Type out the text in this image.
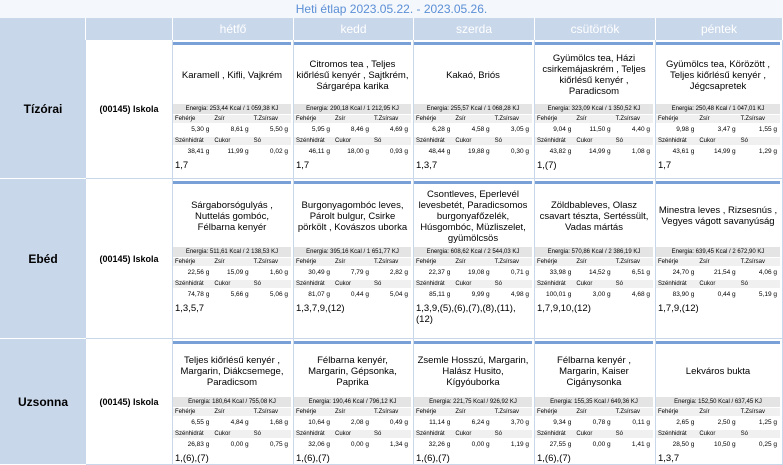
Heti étlap 2023.05.22. - 2023.05.26.
hétfő	kedd	szerda	csütörtök	péntek
Tízórai	(00145) Iskola
Karamell , Kifli, Vajkrém
Energia: 253,44 Kcal / 1 059,38 KJ
Fehérje	Zsír	T.Zsírsav
5,30 g	8,61 g	5,50 g
Szénhidrát	Cukor	Só
38,41 g	11,99 g	0,02 g
1,7
Citromos tea , Teljes kiőrlésű kenyér , Sajtkrém, Sárgarépa karika
Energia: 290,18 Kcal / 1 212,95 KJ
Fehérje	Zsír	T.Zsírsav
5,95 g	8,46 g	4,69 g
Szénhidrát	Cukor	Só
46,11 g	18,00 g	0,93 g
1,7
Kakaó, Briós
Energia: 255,57 Kcal / 1 068,28 KJ
Fehérje	Zsír	T.Zsírsav
6,28 g	4,58 g	3,05 g
Szénhidrát	Cukor	Só
48,44 g	19,88 g	0,30 g
1,3,7
Gyümölcs tea, Házi csirkemájaskrém , Teljes kiőrlésű kenyér , Paradicsom
Energia: 323,09 Kcal / 1 350,52 KJ
Fehérje	Zsír	T.Zsírsav
9,04 g	11,50 g	4,40 g
Szénhidrát	Cukor	Só
43,82 g	14,99 g	1,08 g
1,(7)
Gyümölcs tea, Körözött , Teljes kiőrlésű kenyér , Jégcsapretek
Energia: 250,48 Kcal / 1 047,01 KJ
Fehérje	Zsír	T.Zsírsav
9,98 g	3,47 g	1,55 g
Szénhidrát	Cukor	Só
43,61 g	14,99 g	1,29 g
1,7
Ebéd	(00145) Iskola
Sárgaborsógulyás , Nuttelás gombóc, Félbarna kenyér
Energia: 511,61 Kcal / 2 138,53 KJ
Fehérje	Zsír	T.Zsírsav
22,56 g	15,09 g	1,60 g
Szénhidrát	Cukor	Só
74,78 g	5,66 g	5,06 g
1,3,5,7
Burgonyagombóc leves, Párolt bulgur, Csirke pörkölt , Kovászos uborka
Energia: 395,16 Kcal / 1 651,77 KJ
Fehérje	Zsír	T.Zsírsav
30,49 g	7,79 g	2,82 g
Szénhidrát	Cukor	Só
81,07 g	0,44 g	5,04 g
1,3,7,9,(12)
Csontleves, Eperlevél levesbetét, Paradicsomos burgonyafőzelék, Húsgombóc, Müzliszelet, gyümölcsös
Energia: 608,62 Kcal / 2 544,03 KJ
Fehérje	Zsír	T.Zsírsav
22,37 g	19,08 g	0,71 g
Szénhidrát	Cukor	Só
85,11 g	9,99 g	4,98 g
1,3,9,(5),(6),(7),(8),(11),(12)
Zöldbableves, Olasz csavart tészta, Sertéssült, Vadas mártás
Energia: 570,86 Kcal / 2 386,19 KJ
Fehérje	Zsír	T.Zsírsav
33,98 g	14,52 g	6,51 g
Szénhidrát	Cukor	Só
100,01 g	3,00 g	4,68 g
1,7,9,10,(12)
Minestra leves , Rizsesnús , Vegyes vágott savanyúság
Energia: 639,45 Kcal / 2 672,90 KJ
Fehérje	Zsír	T.Zsírsav
24,70 g	21,54 g	4,06 g
Szénhidrát	Cukor	Só
83,90 g	0,44 g	5,19 g
1,7,9,(12)
Uzsonna	(00145) Iskola
Teljes kiőrlésű kenyér , Margarin, Diákcsemege, Paradicsom
Energia: 180,64 Kcal / 755,08 KJ
Fehérje	Zsír	T.Zsírsav
6,55 g	4,84 g	1,68 g
Szénhidrát	Cukor	Só
26,83 g	0,00 g	0,75 g
1,(6),(7)
Félbarna kenyér, Margarin, Gépsonka, Paprika
Energia: 190,46 Kcal / 796,12 KJ
Fehérje	Zsír	T.Zsírsav
10,64 g	2,08 g	0,49 g
Szénhidrát	Cukor	Só
32,06 g	0,00 g	1,34 g
1,(6),(7)
Zsemle Hosszú, Margarin, Halász Husito, Kígyóuborka
Energia: 221,75 Kcal / 926,92 KJ
Fehérje	Zsír	T.Zsírsav
11,14 g	6,24 g	3,70 g
Szénhidrát	Cukor	Só
32,26 g	0,00 g	1,19 g
1,(6),(7)
Félbarna kenyér , Margarin, Kaiser Cigánysonka
Energia: 155,35 Kcal / 649,36 KJ
Fehérje	Zsír	T.Zsírsav
9,34 g	0,78 g	0,11 g
Szénhidrát	Cukor	Só
27,55 g	0,00 g	1,41 g
1,(6),(7)
Lekváros bukta
Energia: 152,50 Kcal / 637,45 KJ
Fehérje	Zsír	T.Zsírsav
2,65 g	2,50 g	1,25 g
Szénhidrát	Cukor	Só
28,50 g	10,50 g	0,25 g
1,3,7
